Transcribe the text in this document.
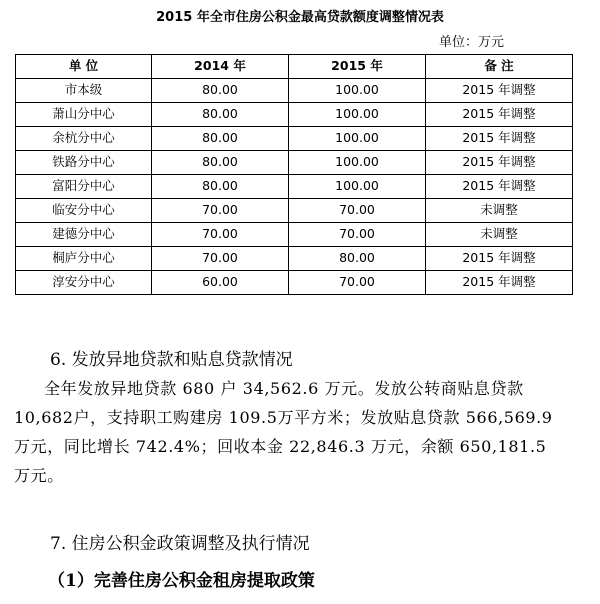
2015 年全市住房公积金最高贷款额度调整情况表
单位：万元
单 位	2014 年	2015 年	备 注
市本级	80.00	100.00	2015 年调整
萧山分中心	80.00	100.00	2015 年调整
余杭分中心	80.00	100.00	2015 年调整
铁路分中心	80.00	100.00	2015 年调整
富阳分中心	80.00	100.00	2015 年调整
临安分中心	70.00	70.00	未调整
建德分中心	70.00	70.00	未调整
桐庐分中心	70.00	80.00	2015 年调整
淳安分中心	60.00	70.00	2015 年调整
6. 发放异地贷款和贴息贷款情况
全年发放异地贷款 680 户 34,562.6 万元。发放公转商贴息贷款
10,682户，支持职工购建房 109.5万平方米；发放贴息贷款 566,569.9
万元，同比增长 742.4%；回收本金 22,846.3 万元，余额 650,181.5
万元。
7. 住房公积金政策调整及执行情况
（1）完善住房公积金租房提取政策
